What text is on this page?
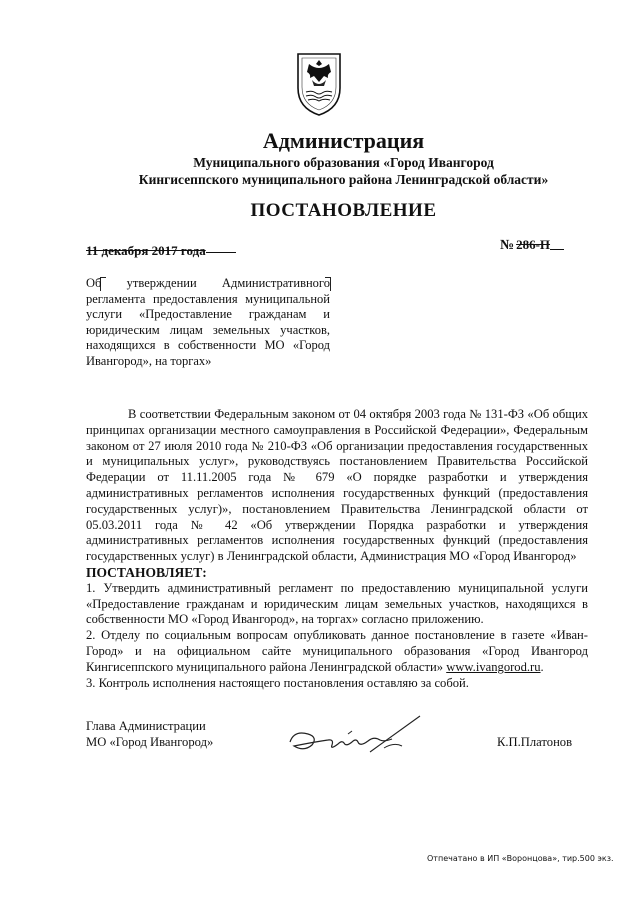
Администрация
Муниципального образования «Город Ивангород
Кингисеппского муниципального района Ленинградской области»
ПОСТАНОВЛЕНИЕ
11 декабря 2017 года	№ 286-П
Об утверждении Административного регламента предоставления муниципальной услуги «Предоставление гражданам и юридическим лицам земельных участков, находящихся в собственности МО «Город Ивангород», на торгах»

В соответствии Федеральным законом от 04 октября 2003 года № 131-ФЗ «Об общих принципах организации местного самоуправления в Российской Федерации», Федеральным законом от 27 июля 2010 года № 210-ФЗ «Об организации предоставления государственных и муниципальных услуг», руководствуясь постановлением Правительства Российской Федерации от 11.11.2005 года № 679 «О порядке разработки и утверждения административных регламентов исполнения государственных функций (предоставления государственных услуг)», постановлением Правительства Ленинградской области от 05.03.2011 года № 42 «Об утверждении Порядка разработки и утверждения административных регламентов исполнения государственных функций (предоставления государственных услуг) в Ленинградской области, Администрация МО «Город Ивангород»

ПОСТАНОВЛЯЕТ:

1. Утвердить административный регламент по предоставлению муниципальной услуги «Предоставление гражданам и юридическим лицам земельных участков, находящихся в собственности МО «Город Ивангород», на торгах» согласно приложению.

2. Отделу по социальным вопросам опубликовать данное постановление в газете «Иван-Город» и на официальном сайте муниципального образования «Город Ивангород Кингисеппского муниципального района Ленинградской области» www.ivangorod.ru.

3. Контроль исполнения настоящего постановления оставляю за собой.

Глава Администрации
МО «Город Ивангород»	К.П.Платонов
Отпечатано в ИП «Воронцова», тир.500 экз.
